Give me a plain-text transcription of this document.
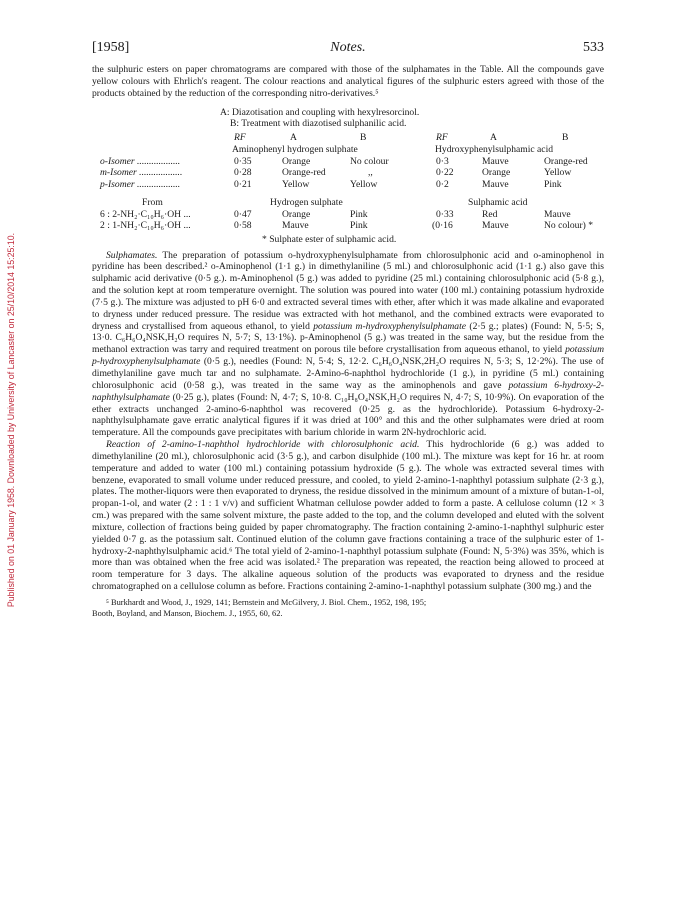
Published on 01 January 1958. Downloaded by University of Lancaster on 25/10/2014 15:25:10.
[1958]	Notes.	533

the sulphuric esters on paper chromatograms are compared with those of the sulphamates in the Table. All the compounds gave yellow colours with Ehrlich's reagent. The colour reactions and analytical figures of the sulphuric esters agreed with those of the products obtained by the reduction of the corresponding nitro-derivatives.⁵

A: Diazotisation and coupling with hexylresorcinol.
B: Treatment with diazotised sulphanilic acid.
RF	A	B	RF	A	B
Aminophenyl hydrogen sulphate	Hydroxyphenylsulphamic acid
o-Isomer ..................	0·35	Orange	No colour	0·3	Mauve	Orange-red
m-Isomer ..................	0·28	Orange-red	,,	0·22	Orange	Yellow
p-Isomer ..................	0·21	Yellow	Yellow	0·2	Mauve	Pink
From	Hydrogen sulphate	Sulphamic acid
6 : 2-NH₂·C₁₀H₆·OH ...	0·47	Orange	Pink	0·33	Red	Mauve
2 : 1-NH₂·C₁₀H₆·OH ...	0·58	Mauve	Pink	(0·16	Mauve	No colour) *
* Sulphate ester of sulphamic acid.

Sulphamates. The preparation of potassium o-hydroxyphenylsulphamate from chlorosulphonic acid and o-aminophenol in pyridine has been described.² o-Aminophenol (1·1 g.) in dimethylaniline (5 ml.) and chlorosulphonic acid (1·1 g.) also gave this sulphamic acid derivative (0·5 g.). m-Aminophenol (5 g.) was added to pyridine (25 ml.) containing chlorosulphonic acid (5·8 g.), and the solution kept at room temperature overnight. The solution was poured into water (100 ml.) containing potassium hydroxide (7·5 g.). The mixture was adjusted to pH 6·0 and extracted several times with ether, after which it was made alkaline and evaporated to dryness under reduced pressure. The residue was extracted with hot methanol, and the combined extracts were evaporated to dryness and crystallised from aqueous ethanol, to yield potassium m-hydroxyphenylsulphamate (2·5 g.; plates) (Found: N, 5·5; S, 13·0. C₆H₆O₄NSK,H₂O requires N, 5·7; S, 13·1%). p-Aminophenol (5 g.) was treated in the same way, but the residue from the methanol extraction was tarry and required treatment on porous tile before crystallisation from aqueous ethanol, to yield potassium p-hydroxyphenylsulphamate (0·5 g.), needles (Found: N, 5·4; S, 12·2. C₆H₆O₄NSK,2H₂O requires N, 5·3; S, 12·2%). The use of dimethylaniline gave much tar and no sulphamate. 2-Amino-6-naphthol hydrochloride (1 g.), in pyridine (5 ml.) containing chlorosulphonic acid (0·58 g.), was treated in the same way as the aminophenols and gave potassium 6-hydroxy-2-naphthylsulphamate (0·25 g.), plates (Found: N, 4·7; S, 10·8. C₁₀H₈O₄NSK,H₂O requires N, 4·7; S, 10·9%). On evaporation of the ether extracts unchanged 2-amino-6-naphthol was recovered (0·25 g. as the hydrochloride). Potassium 6-hydroxy-2-naphthylsulphamate gave erratic analytical figures if it was dried at 100° and this and the other sulphamates were dried at room temperature. All the compounds gave precipitates with barium chloride in warm 2N-hydrochloric acid.

Reaction of 2-amino-1-naphthol hydrochloride with chlorosulphonic acid. This hydrochloride (6 g.) was added to dimethylaniline (20 ml.), chlorosulphonic acid (3·5 g.), and carbon disulphide (100 ml.). The mixture was kept for 16 hr. at room temperature and added to water (100 ml.) containing potassium hydroxide (5 g.). The whole was extracted several times with benzene, evaporated to small volume under reduced pressure, and cooled, to yield 2-amino-1-naphthyl potassium sulphate (2·3 g.), plates. The mother-liquors were then evaporated to dryness, the residue dissolved in the minimum amount of a mixture of butan-1-ol, propan-1-ol, and water (2 : 1 : 1 v/v) and sufficient Whatman cellulose powder added to form a paste. A cellulose column (12 × 3 cm.) was prepared with the same solvent mixture, the paste added to the top, and the column developed and eluted with the solvent mixture, collection of fractions being guided by paper chromatography. The fraction containing 2-amino-1-naphthyl sulphuric ester yielded 0·7 g. as the potassium salt. Continued elution of the column gave fractions containing a trace of the sulphuric ester of 1-hydroxy-2-naphthylsulphamic acid.⁶ The total yield of 2-amino-1-naphthyl potassium sulphate (Found: N, 5·3%) was 35%, which is more than was obtained when the free acid was isolated.² The preparation was repeated, the reaction being allowed to proceed at room temperature for 3 days. The alkaline aqueous solution of the products was evaporated to dryness and the residue chromatographed on a cellulose column as before. Fractions containing 2-amino-1-naphthyl potassium sulphate (300 mg.) and the

⁵ Burkhardt and Wood, J., 1929, 141; Bernstein and McGilvery, J. Biol. Chem., 1952, 198, 195;
Booth, Boyland, and Manson, Biochem. J., 1955, 60, 62.
